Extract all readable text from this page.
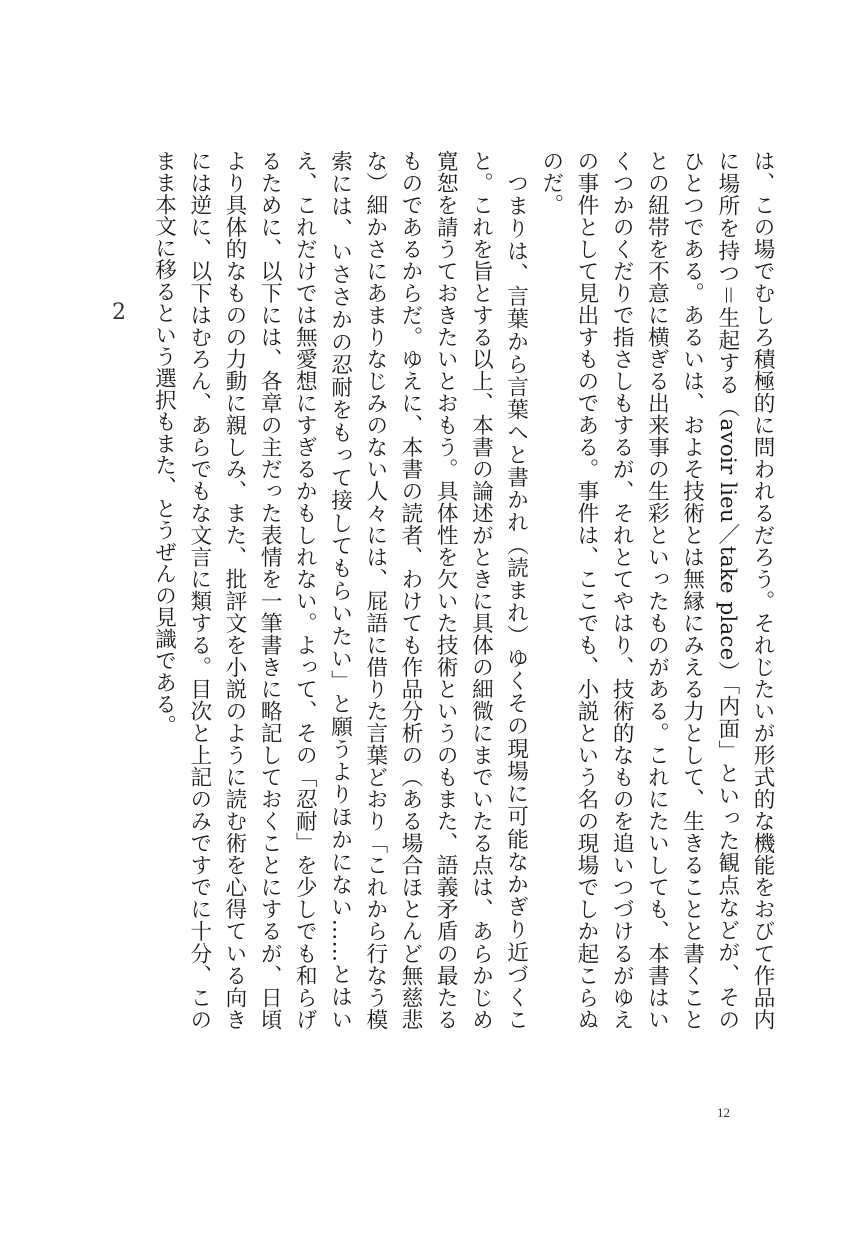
2	は、この場でむしろ積極的に問われるだろう。それじたいが形式的な機能をおびて作品内に場所を持つ＝生起する（avoir lieu／take place）「内面」といった観点などが、そのひとつである。あるいは、およそ技術とは無縁にみえる力として、生きることと書くこととの紐帯を不意に横ぎる出来事の生彩といったものがある。これにたいしても、本書はいくつかのくだりで指さしもするが、それとてやはり、技術的なものを追いつづけるがゆえの事件として見出すものである。事件は、ここでも、小説という名の現場でしか起こらぬのだ。

つまりは、言葉から言葉へと書かれ（読まれ）ゆくその現場に可能なかぎり近づくこと。これを旨とする以上、本書の論述がときに具体の細微にまでいたる点は、あらかじめ寛恕を請うておきたいとおもう。具体性を欠いた技術というのもまた、語義矛盾の最たるものであるからだ。ゆえに、本書の読者、わけても作品分析の（ある場合ほとんど無慈悲な）細かさにあまりなじみのない人々には、屁語に借りた言葉どおり「これから行なう模索には、いささかの忍耐をもって接してもらいたい」と願うよりほかにない……とはいえ、これだけでは無愛想にすぎるかもしれない。よって、その「忍耐」を少しでも和らげるために、以下には、各章の主だった表情を一筆書きに略記しておくことにするが、日頃より具体的なものの力動に親しみ、また、批評文を小説のように読む術を心得ている向きには逆に、以下はむろん、あらでもな文言に類する。目次と上記のみですでに十分、このまま本文に移るという選択もまた、とうぜんの見識である。

12
